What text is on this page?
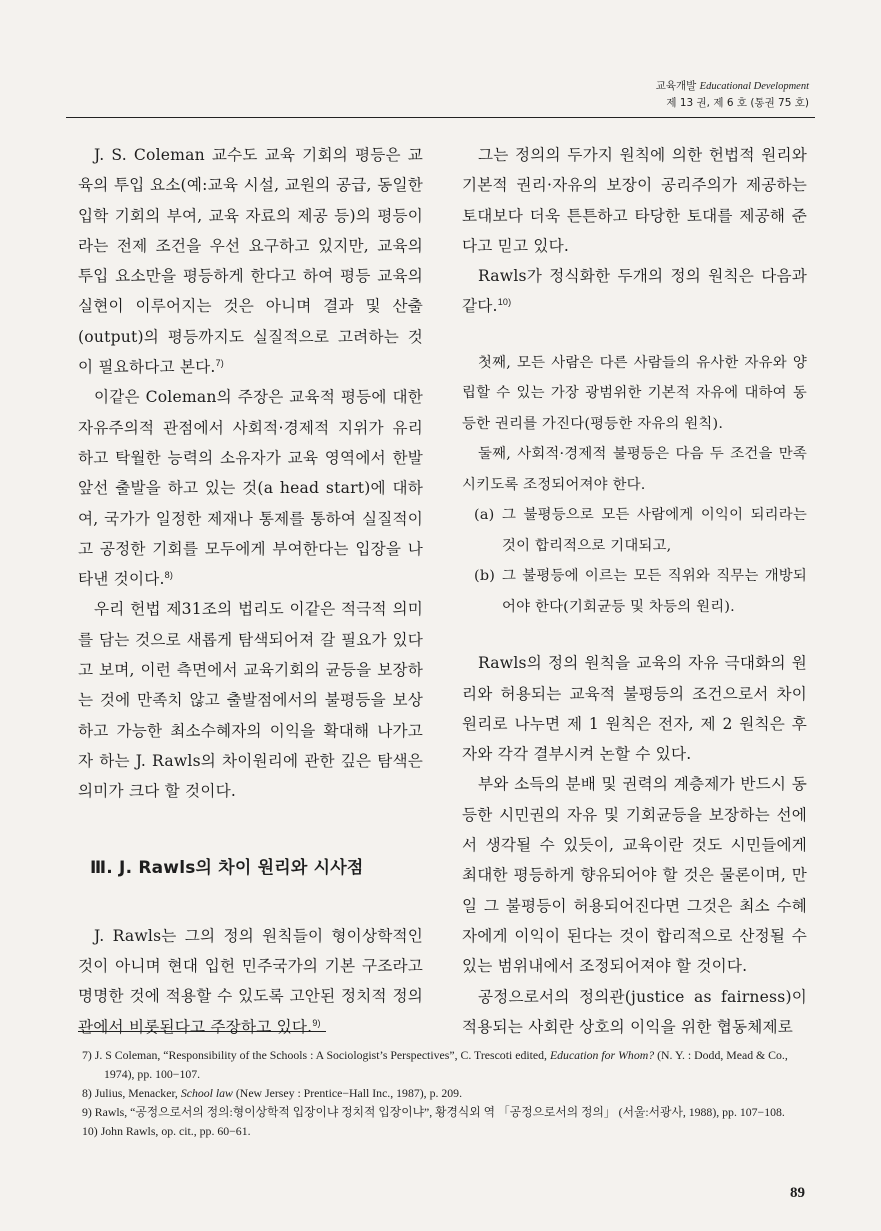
교육개발 Educational Development
제 13 권, 제 6 호 (통권 75 호)

J. S. Coleman 교수도 교육 기회의 평등은 교육의 투입 요소(예:교육 시설, 교원의 공급, 동일한 입학 기회의 부여, 교육 자료의 제공 등)의 평등이라는 전제 조건을 우선 요구하고 있지만, 교육의 투입 요소만을 평등하게 한다고 하여 평등 교육의 실현이 이루어지는 것은 아니며 결과 및 산출(output)의 평등까지도 실질적으로 고려하는 것이 필요하다고 본다.$^{7)}$

이같은 Coleman의 주장은 교육적 평등에 대한 자유주의적 관점에서 사회적·경제적 지위가 유리하고 탁월한 능력의 소유자가 교육 영역에서 한발 앞선 출발을 하고 있는 것(a head start)에 대하여, 국가가 일정한 제재나 통제를 통하여 실질적이고 공정한 기회를 모두에게 부여한다는 입장을 나타낸 것이다.$^{8)}$

우리 헌법 제31조의 법리도 이같은 적극적 의미를 담는 것으로 새롭게 탐색되어져 갈 필요가 있다고 보며, 이런 측면에서 교육기회의 균등을 보장하는 것에 만족치 않고 출발점에서의 불평등을 보상하고 가능한 최소수혜자의 이익을 확대해 나가고자 하는 J. Rawls의 차이원리에 관한 깊은 탐색은 의미가 크다 할 것이다.

Ⅲ. J. Rawls의 차이 원리와 시사점

J. Rawls는 그의 정의 원칙들이 형이상학적인 것이 아니며 현대 입헌 민주국가의 기본 구조라고 명명한 것에 적용할 수 있도록 고안된 정치적 정의관에서 비롯된다고 주장하고 있다.$^{9)}$

그는 정의의 두가지 원칙에 의한 헌법적 원리와 기본적 권리·자유의 보장이 공리주의가 제공하는 토대보다 더욱 튼튼하고 타당한 토대를 제공해 준다고 믿고 있다.

Rawls가 정식화한 두개의 정의 원칙은 다음과 같다.$^{10)}$

첫째, 모든 사람은 다른 사람들의 유사한 자유와 양립할 수 있는 가장 광범위한 기본적 자유에 대하여 동등한 권리를 가진다(평등한 자유의 원칙).

둘째, 사회적·경제적 불평등은 다음 두 조건을 만족시키도록 조정되어져야 한다.

(a) 그 불평등으로 모든 사람에게 이익이 되리라는 것이 합리적으로 기대되고,

(b) 그 불평등에 이르는 모든 직위와 직무는 개방되어야 한다(기회균등 및 차등의 원리).

Rawls의 정의 원칙을 교육의 자유 극대화의 원리와 허용되는 교육적 불평등의 조건으로서 차이 원리로 나누면 제 1 원칙은 전자, 제 2 원칙은 후자와 각각 결부시켜 논할 수 있다.

부와 소득의 분배 및 권력의 계층제가 반드시 동등한 시민권의 자유 및 기회균등을 보장하는 선에서 생각될 수 있듯이, 교육이란 것도 시민들에게 최대한 평등하게 향유되어야 할 것은 물론이며, 만일 그 불평등이 허용되어진다면 그것은 최소 수혜자에게 이익이 된다는 것이 합리적으로 산정될 수 있는 범위내에서 조정되어져야 할 것이다.

공정으로서의 정의관(justice as fairness)이 적용되는 사회란 상호의 이익을 위한 협동체제로

7) J. S Coleman, “Responsibility of the Schools : A Sociologist’s Perspectives”, C. Trescoti edited, Education for Whom? (N. Y. : Dodd, Mead & Co., 1974), pp. 100−107.
8) Julius, Menacker, School law (New Jersey : Prentice−Hall Inc., 1987), p. 209.
9) Rawls, “공정으로서의 정의:형이상학적 입장이냐 정치적 입장이냐”, 황경식외 역 「공정으로서의 정의」 (서울:서광사, 1988), pp. 107−108.
10) John Rawls, op. cit., pp. 60−61.
89
